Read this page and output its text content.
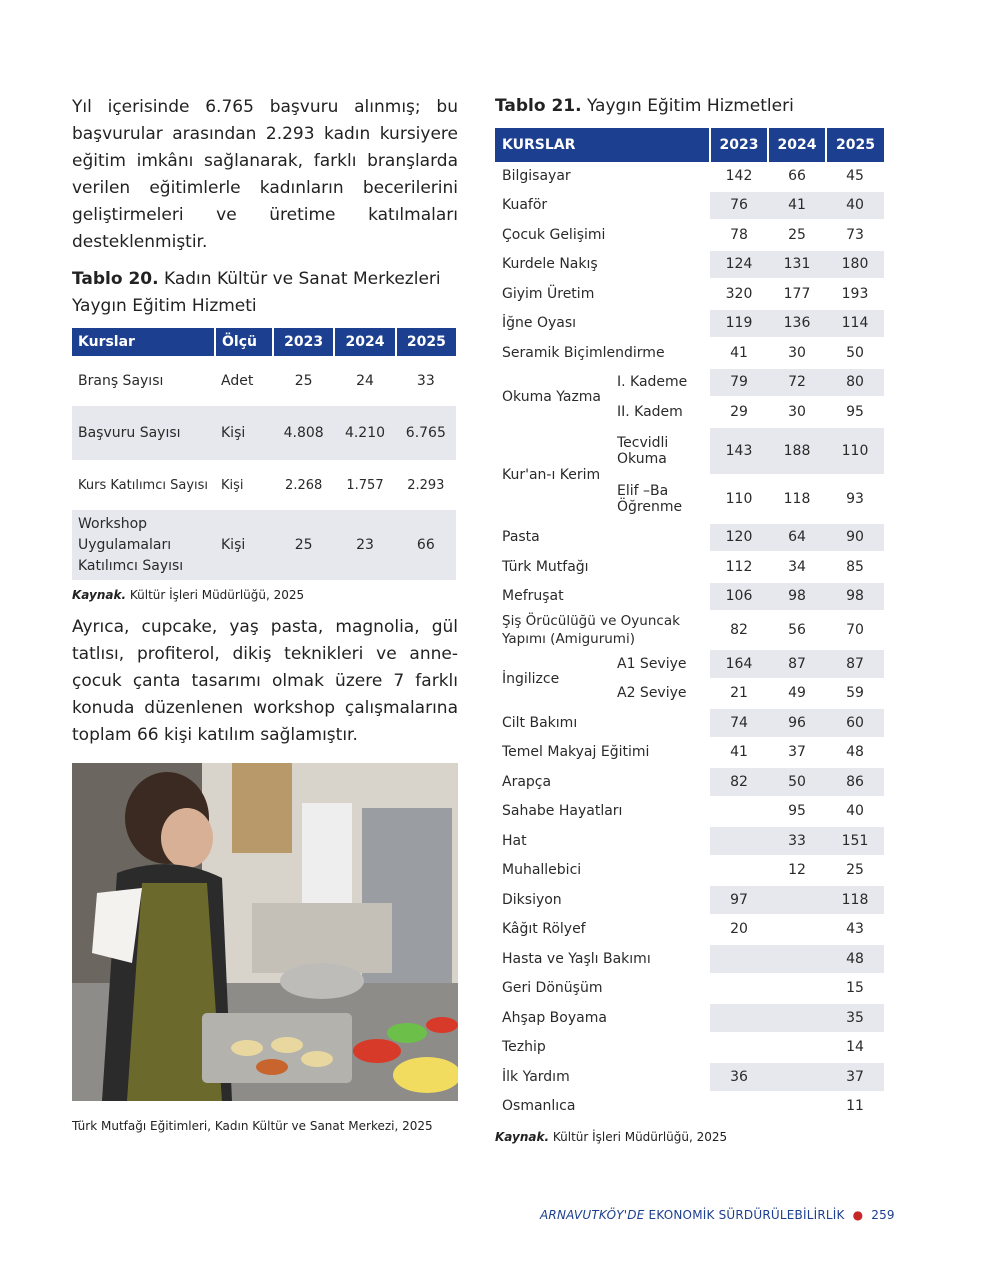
Yıl içerisinde 6.765 başvuru alınmış; bu başvurular arasından 2.293 kadın kursiyere eğitim imkânı sağlanarak, farklı branşlarda verilen eğitimlerle kadınların becerilerini geliştirmeleri ve üretime katılmaları desteklenmiştir.

Tablo 20. Kadın Kültür ve Sanat Merkezleri Yaygın Eğitim Hizmeti
Kurslar	Ölçü	2023	2024	2025
Branş Sayısı	Adet	25	24	33
Başvuru Sayısı	Kişi	4.808	4.210	6.765
Kurs Katılımcı Sayısı	Kişi	2.268	1.757	2.293
Workshop Uygulamaları Katılımcı Sayısı	Kişi	25	23	66
Kaynak. Kültür İşleri Müdürlüğü, 2025

Ayrıca, cupcake, yaş pasta, magnolia, gül tatlısı, profiterol, dikiş teknikleri ve anne-çocuk çanta tasarımı olmak üzere 7 farklı konuda düzenlenen workshop çalışmalarına toplam 66 kişi katılım sağlamıştır.

Türk Mutfağı Eğitimleri, Kadın Kültür ve Sanat Merkezi, 2025
Tablo 21. Yaygın Eğitim Hizmetleri
KURSLAR		2023	2024	2025
Bilgisayar		142	66	45
Kuaför		76	41	40
Çocuk Gelişimi		78	25	73
Kurdele Nakış		124	131	180
Giyim Üretim		320	177	193
İğne Oyası		119	136	114
Seramik Biçimlendirme		41	30	50
Okuma Yazma	I. Kademe	79	72	80
	II. Kadem	29	30	95
Kur'an-ı Kerim	Tecvidli Okuma	143	188	110
	Elif –Ba Öğrenme	110	118	93
Pasta		120	64	90
Türk Mutfağı		112	34	85
Mefruşat		106	98	98
Şiş Örücülüğü ve Oyuncak Yapımı (Amigurumi)		82	56	70
İngilizce	A1 Seviye	164	87	87
	A2 Seviye	21	49	59
Cilt Bakımı		74	96	60
Temel Makyaj Eğitimi		41	37	48
Arapça		82	50	86
Sahabe Hayatları			95	40
Hat			33	151
Muhallebici			12	25
Diksiyon		97		118
Kâğıt Rölyef		20		43
Hasta ve Yaşlı Bakımı				48
Geri Dönüşüm				15
Ahşap Boyama				35
Tezhip				14
İlk Yardım		36		37
Osmanlıca				11
Kaynak. Kültür İşleri Müdürlüğü, 2025
ARNAVUTKÖY'DE EKONOMİK SÜRDÜRÜLEBİLİRLİK ● 259
